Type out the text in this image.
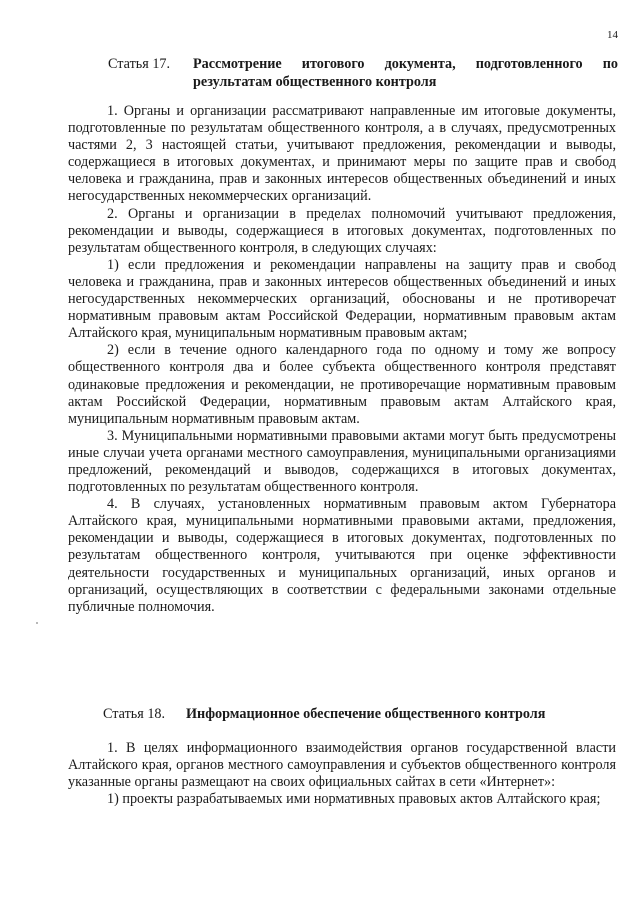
14
Статья 17. Рассмотрение итогового документа, подготовленного по результатам общественного контроля

1. Органы и организации рассматривают направленные им итоговые документы, подготовленные по результатам общественного контроля, а в случаях, предусмотренных частями 2, 3 настоящей статьи, учитывают предложения, рекомендации и выводы, содержащиеся в итоговых документах, и принимают меры по защите прав и свобод человека и гражданина, прав и законных интересов общественных объединений и иных негосударственных некоммерческих организаций.

2. Органы и организации в пределах полномочий учитывают предложения, рекомендации и выводы, содержащиеся в итоговых документах, подготовленных по результатам общественного контроля, в следующих случаях:

1) если предложения и рекомендации направлены на защиту прав и свобод человека и гражданина, прав и законных интересов общественных объединений и иных негосударственных некоммерческих организаций, обоснованы и не противоречат нормативным правовым актам Российской Федерации, нормативным правовым актам Алтайского края, муниципальным нормативным правовым актам;

2) если в течение одного календарного года по одному и тому же вопросу общественного контроля два и более субъекта общественного контроля представят одинаковые предложения и рекомендации, не противоречащие нормативным правовым актам Российской Федерации, нормативным правовым актам Алтайского края, муниципальным нормативным правовым актам.

3. Муниципальными нормативными правовыми актами могут быть предусмотрены иные случаи учета органами местного самоуправления, муниципальными организациями предложений, рекомендаций и выводов, содержащихся в итоговых документах, подготовленных по результатам общественного контроля.

4. В случаях, установленных нормативным правовым актом Губернатора Алтайского края, муниципальными нормативными правовыми актами, предложения, рекомендации и выводы, содержащиеся в итоговых документах, подготовленных по результатам общественного контроля, учитываются при оценке эффективности деятельности государственных и муниципальных организаций, иных органов и организаций, осуществляющих в соответствии с федеральными законами отдельные публичные полномочия.

Статья 18. Информационное обеспечение общественного контроля

1. В целях информационного взаимодействия органов государственной власти Алтайского края, органов местного самоуправления и субъектов общественного контроля указанные органы размещают на своих официальных сайтах в сети «Интернет»:

1) проекты разрабатываемых ими нормативных правовых актов Алтайского края;
